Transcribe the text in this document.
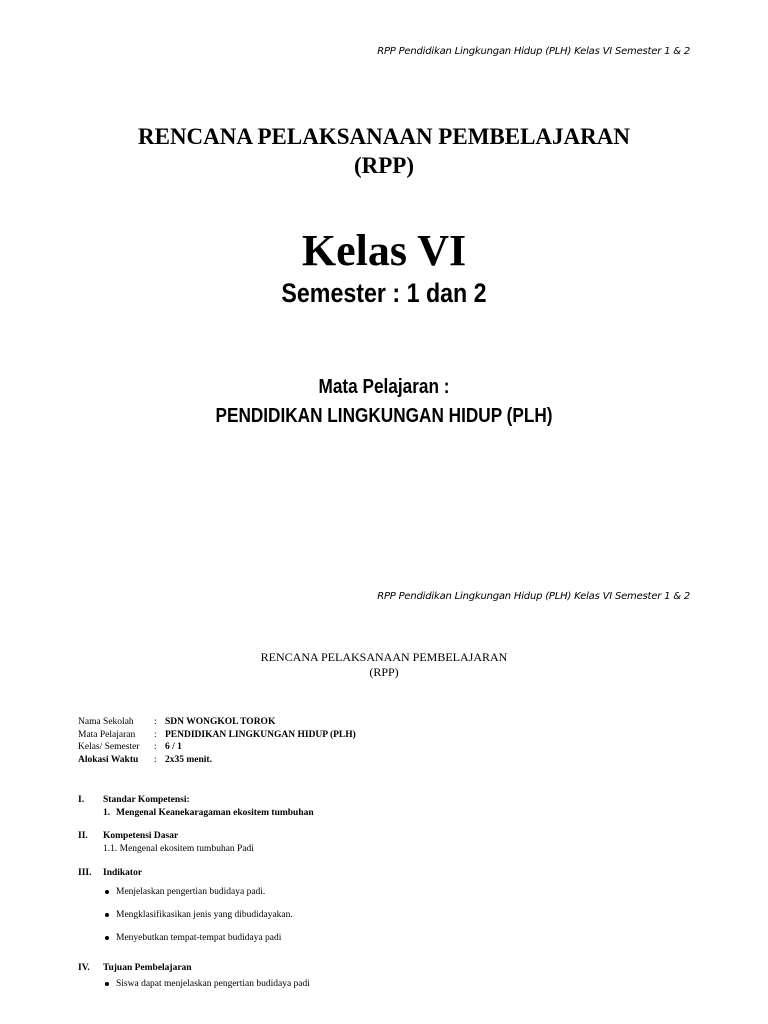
RPP Pendidikan Lingkungan Hidup (PLH) Kelas VI Semester 1 & 2
RENCANA PELAKSANAAN PEMBELAJARAN
(RPP)
Kelas VI
Semester : 1 dan 2
Mata Pelajaran :
PENDIDIKAN LINGKUNGAN HIDUP (PLH)
RPP Pendidikan Lingkungan Hidup (PLH) Kelas VI Semester 1 & 2
RENCANA PELAKSANAAN PEMBELAJARAN
(RPP)
Nama Sekolah	: SDN WONGKOL TOROK
Mata Pelajaran	: PENDIDIKAN LINGKUNGAN HIDUP (PLH)
Kelas/ Semester	: 6 / 1
Alokasi Waktu	: 2x35 menit.
I.	Standar Kompetensi:
1. Mengenal Keanekaragaman ekositem tumbuhan
II.	Kompetensi Dasar
1.1. Mengenal ekositem tumbuhan Padi
III.	Indikator
Menjelaskan pengertian budidaya padi.
Mengklasifikasikan jenis yang dibudidayakan.
Menyebutkan tempat-tempat budidaya padi
IV.	Tujuan Pembelajaran
Siswa dapat menjelaskan pengertian budidaya padi
